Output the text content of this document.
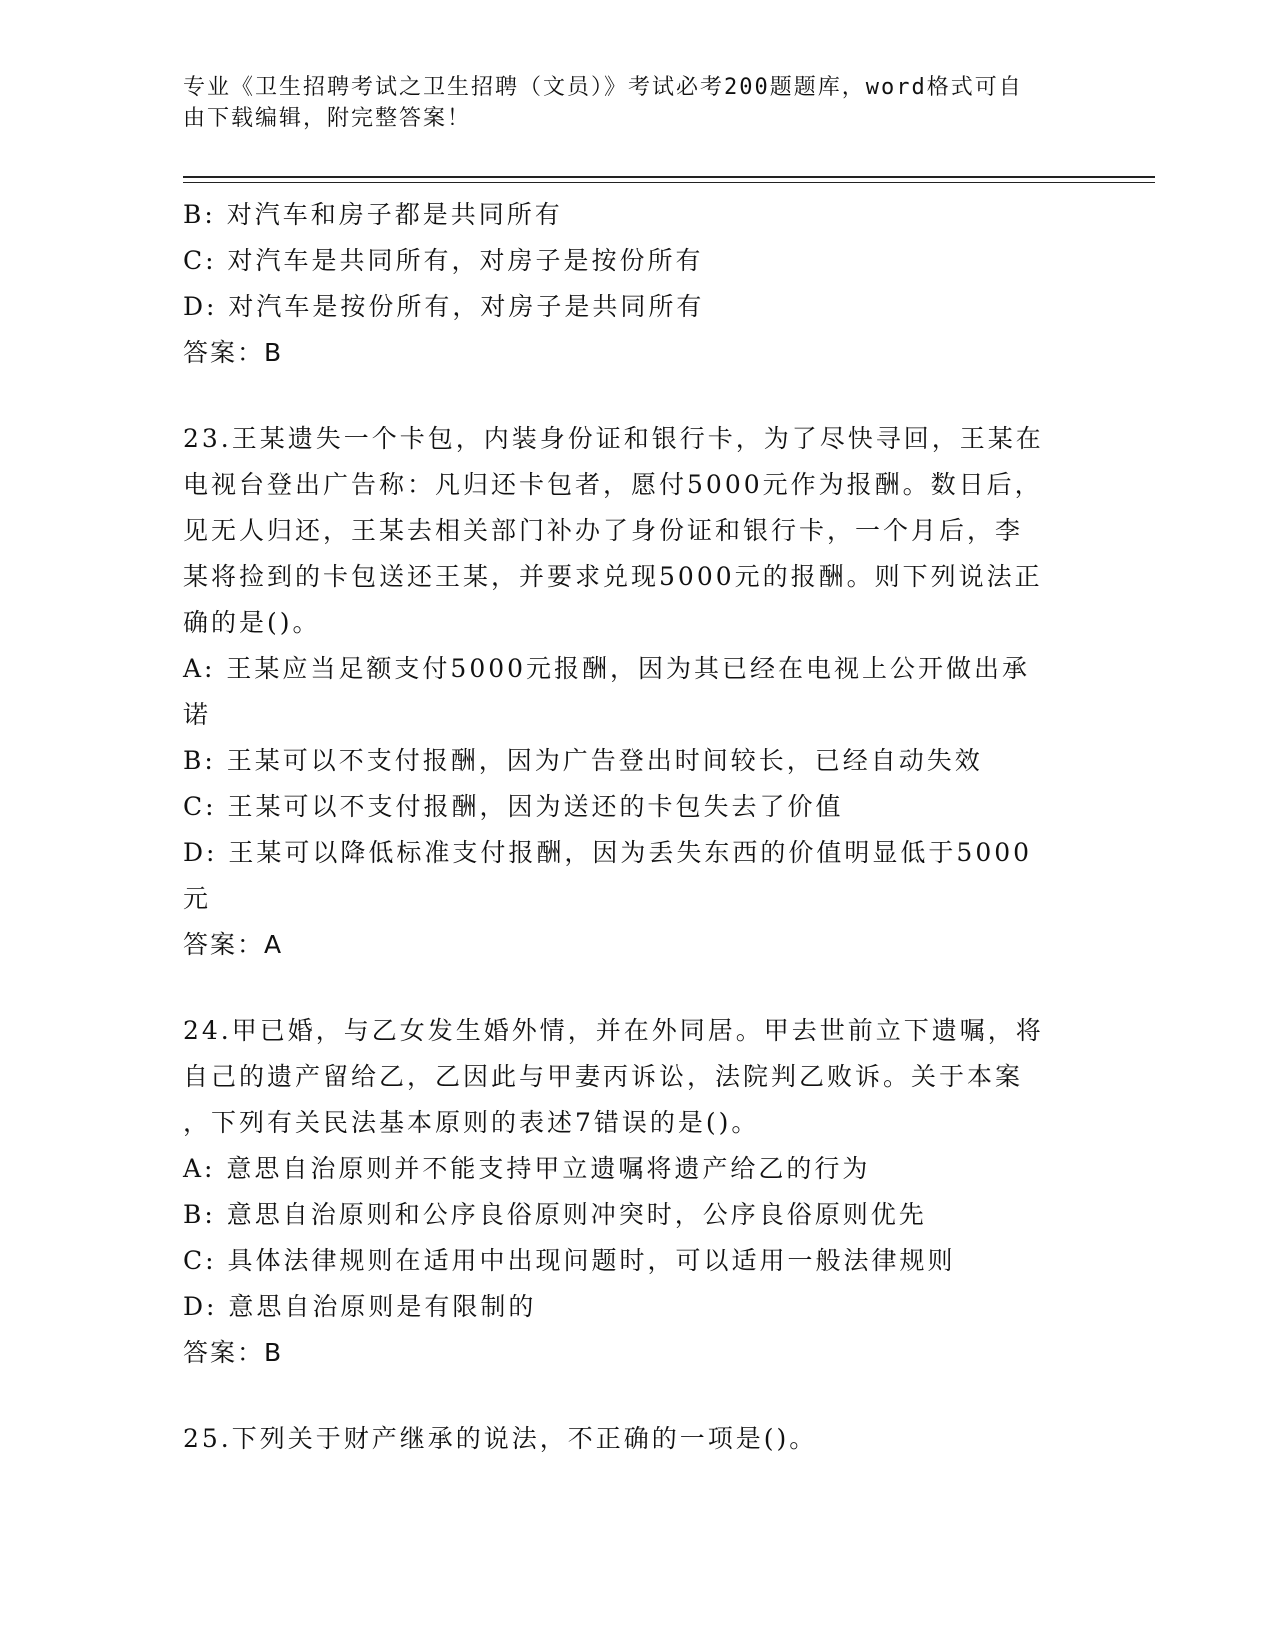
专业《卫生招聘考试之卫生招聘（文员）》考试必考200题题库，word格式可自
由下载编辑，附完整答案！
B: 对汽车和房子都是共同所有
C: 对汽车是共同所有，对房子是按份所有
D: 对汽车是按份所有，对房子是共同所有
答案：B
23.王某遗失一个卡包，内装身份证和银行卡，为了尽快寻回，王某在
电视台登出广告称：凡归还卡包者，愿付5000元作为报酬。数日后，
见无人归还，王某去相关部门补办了身份证和银行卡，一个月后，李
某将捡到的卡包送还王某，并要求兑现5000元的报酬。则下列说法正
确的是()。
A: 王某应当足额支付5000元报酬，因为其已经在电视上公开做出承
诺
B: 王某可以不支付报酬，因为广告登出时间较长，已经自动失效
C: 王某可以不支付报酬，因为送还的卡包失去了价值
D: 王某可以降低标准支付报酬，因为丢失东西的价值明显低于5000
元
答案：A
24.甲已婚，与乙女发生婚外情，并在外同居。甲去世前立下遗嘱，将
自己的遗产留给乙，乙因此与甲妻丙诉讼，法院判乙败诉。关于本案
，下列有关民法基本原则的表述7错误的是()。
A: 意思自治原则并不能支持甲立遗嘱将遗产给乙的行为
B: 意思自治原则和公序良俗原则冲突时，公序良俗原则优先
C: 具体法律规则在适用中出现问题时，可以适用一般法律规则
D: 意思自治原则是有限制的
答案：B
25.下列关于财产继承的说法，不正确的一项是()。
